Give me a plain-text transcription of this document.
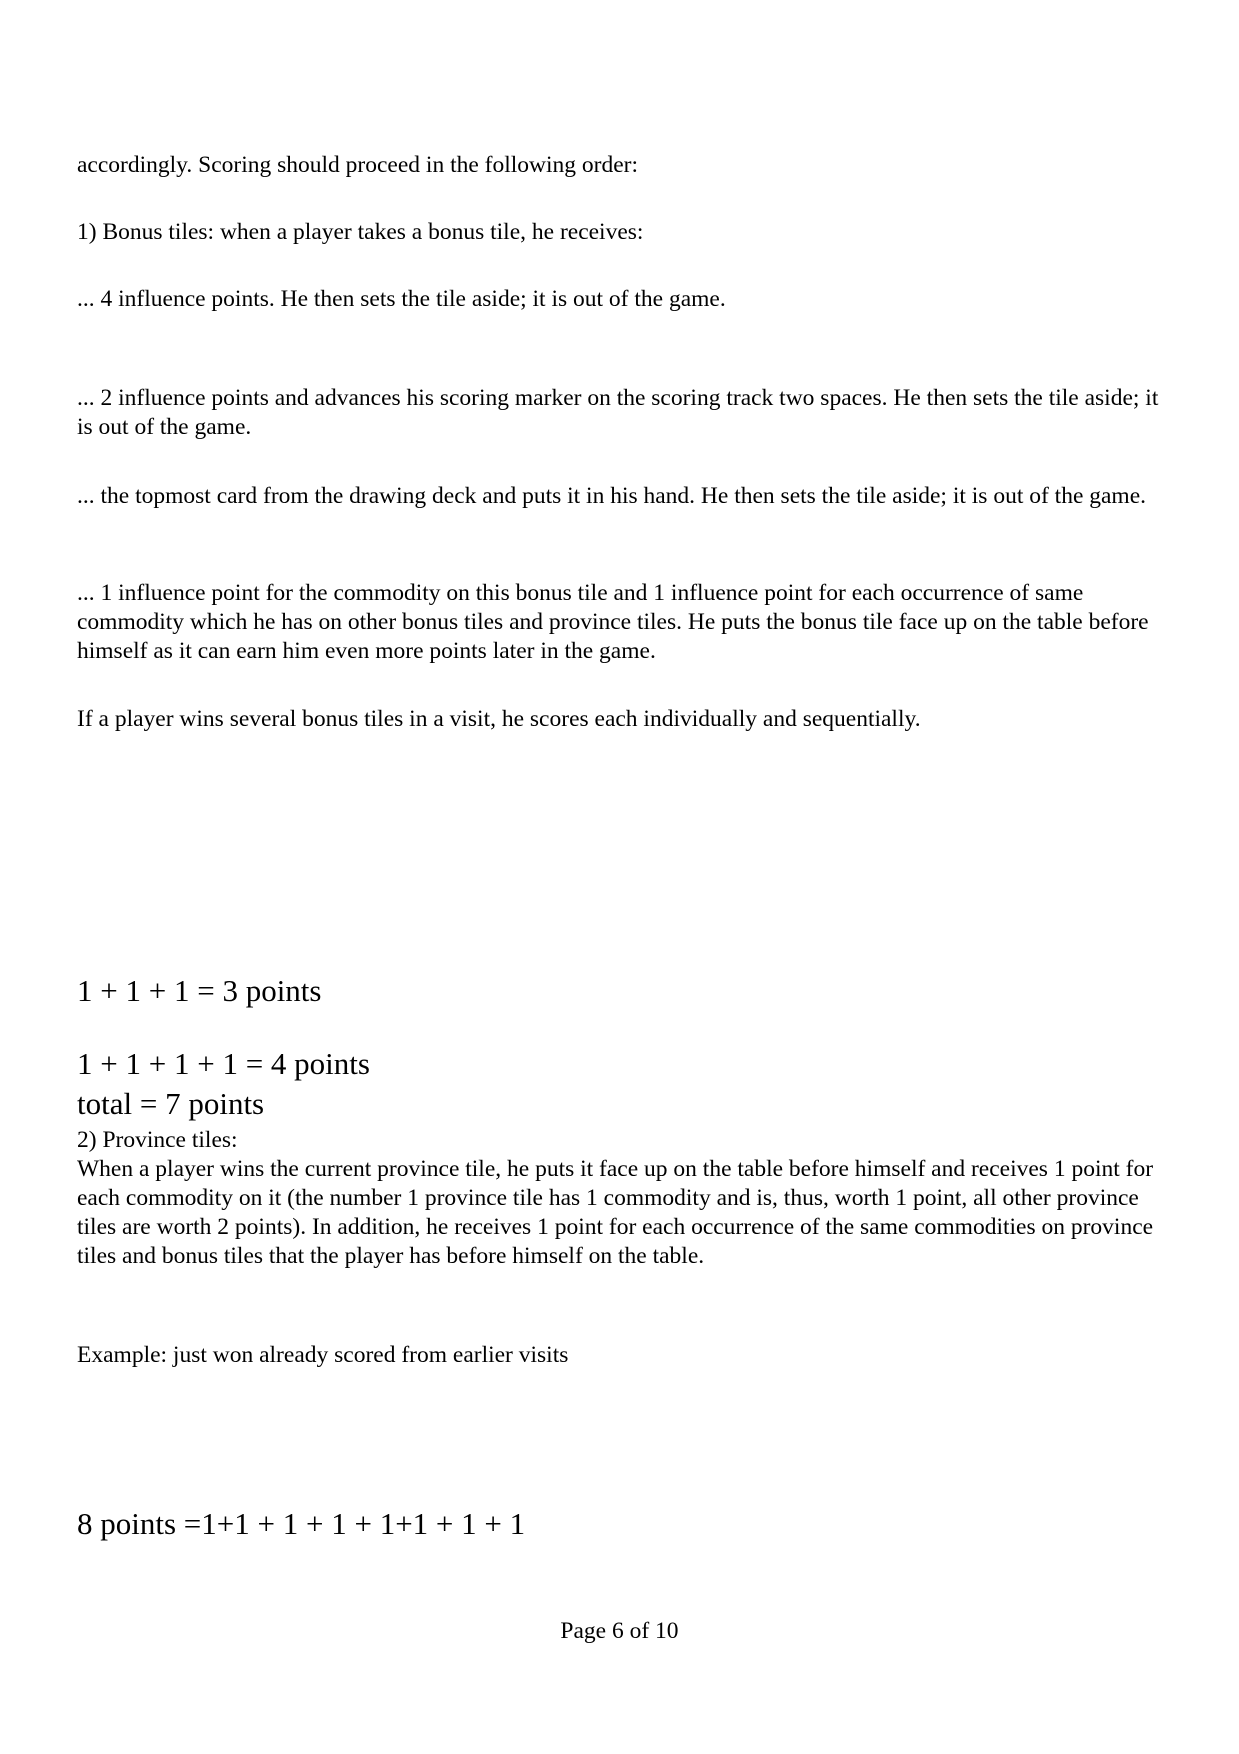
accordingly. Scoring should proceed in the following order:

1) Bonus tiles: when a player takes a bonus tile, he receives:

... 4 influence points. He then sets the tile aside; it is out of the game.

... 2 influence points and advances his scoring marker on the scoring track two spaces. He then sets the tile aside; it is out of the game.

... the topmost card from the drawing deck and puts it in his hand. He then sets the tile aside; it is out of the game.

... 1 influence point for the commodity on this bonus tile and 1 influence point for each occurrence of same commodity which he has on other bonus tiles and province tiles. He puts the bonus tile face up on the table before himself as it can earn him even more points later in the game.

If a player wins several bonus tiles in a visit, he scores each individually and sequentially.

1 + 1 + 1 = 3 points

1 + 1 + 1 + 1 = 4 points

total = 7 points

2) Province tiles:

When a player wins the current province tile, he puts it face up on the table before himself and receives 1 point for each commodity on it (the number 1 province tile has 1 commodity and is, thus, worth 1 point, all other province tiles are worth 2 points). In addition, he receives 1 point for each occurrence of the same commodities on province tiles and bonus tiles that the player has before himself on the table.

Example: just won already scored from earlier visits

8 points =1+1 + 1 + 1 + 1+1 + 1 + 1

Page 6 of 10
